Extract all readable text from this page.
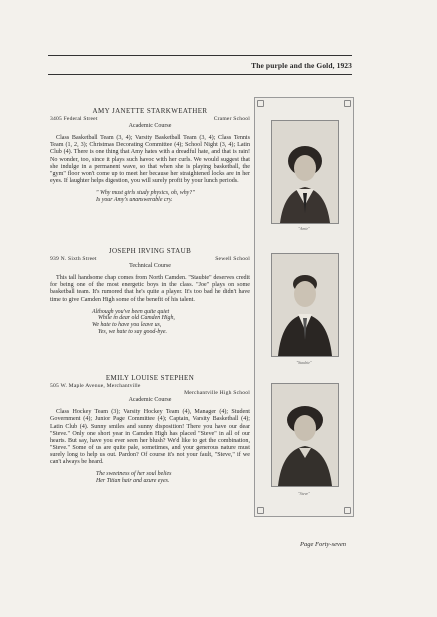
The purple and the Gold, 1923
AMY JANETTE STARKWEATHER
3405 Federal Street	Cramer School
Academic Course

Class Basketball Team (3, 4); Varsity Basketball Team (3, 4); Class Tennis Team (1, 2, 3); Christmas Decorating Committee (4); School Night (3, 4); Latin Club (4). There is one thing that Amy hates with a dreadful hate, and that is rain! No wonder, too, since it plays such havoc with her curls. We would suggest that she indulge in a permanent wave, so that when she is playing basketball, the "gym" floor won't come up to meet her because her straightened locks are in her eyes. If laughter helps digestion, you will surely profit by your lunch periods.

" Why must girls study physics, oh, why?"
Is your Amy's unanswerable cry.
JOSEPH IRVING STAUB
939 N. Sixth Street	Sewell School
Technical Course

This tall handsome chap comes from North Camden. "Staubie" deserves credit for being one of the most energetic boys in the class. "Joe" plays on some basketball team. It's rumored that he's quite a player. It's too bad he didn't have time to give Camden High some of the benefit of his talent.

Although you've been quite quiet
While in dear old Camden High,
We hate to have you leave us,
Yes, we hate to say good-bye.
EMILY LOUISE STEPHEN
505 W. Maple Avenue, Merchantville
Merchantville High School
Academic Course

Class Hockey Team (3); Varsity Hockey Team (4), Manager (4); Student Government (4); Junior Page Committee (4); Captain, Varsity Basketball (4); Latin Club (4). Sunny smiles and sunny disposition! There you have our dear "Steve." Only one short year in Camden High has placed "Steve" in all of our hearts. But say, have you ever seen her blush? We'd like to get the combination, "Steve." Some of us are quite pale, sometimes, and your generous nature must surely long to help us out. Pardon? Of course it's not your fault, "Steve," if we can't always be heard.

The sweetness of her soul belies
Her Titian hair and azure eyes.
"Amie"
"Staubie"
"Steve"
Page Forty-seven
